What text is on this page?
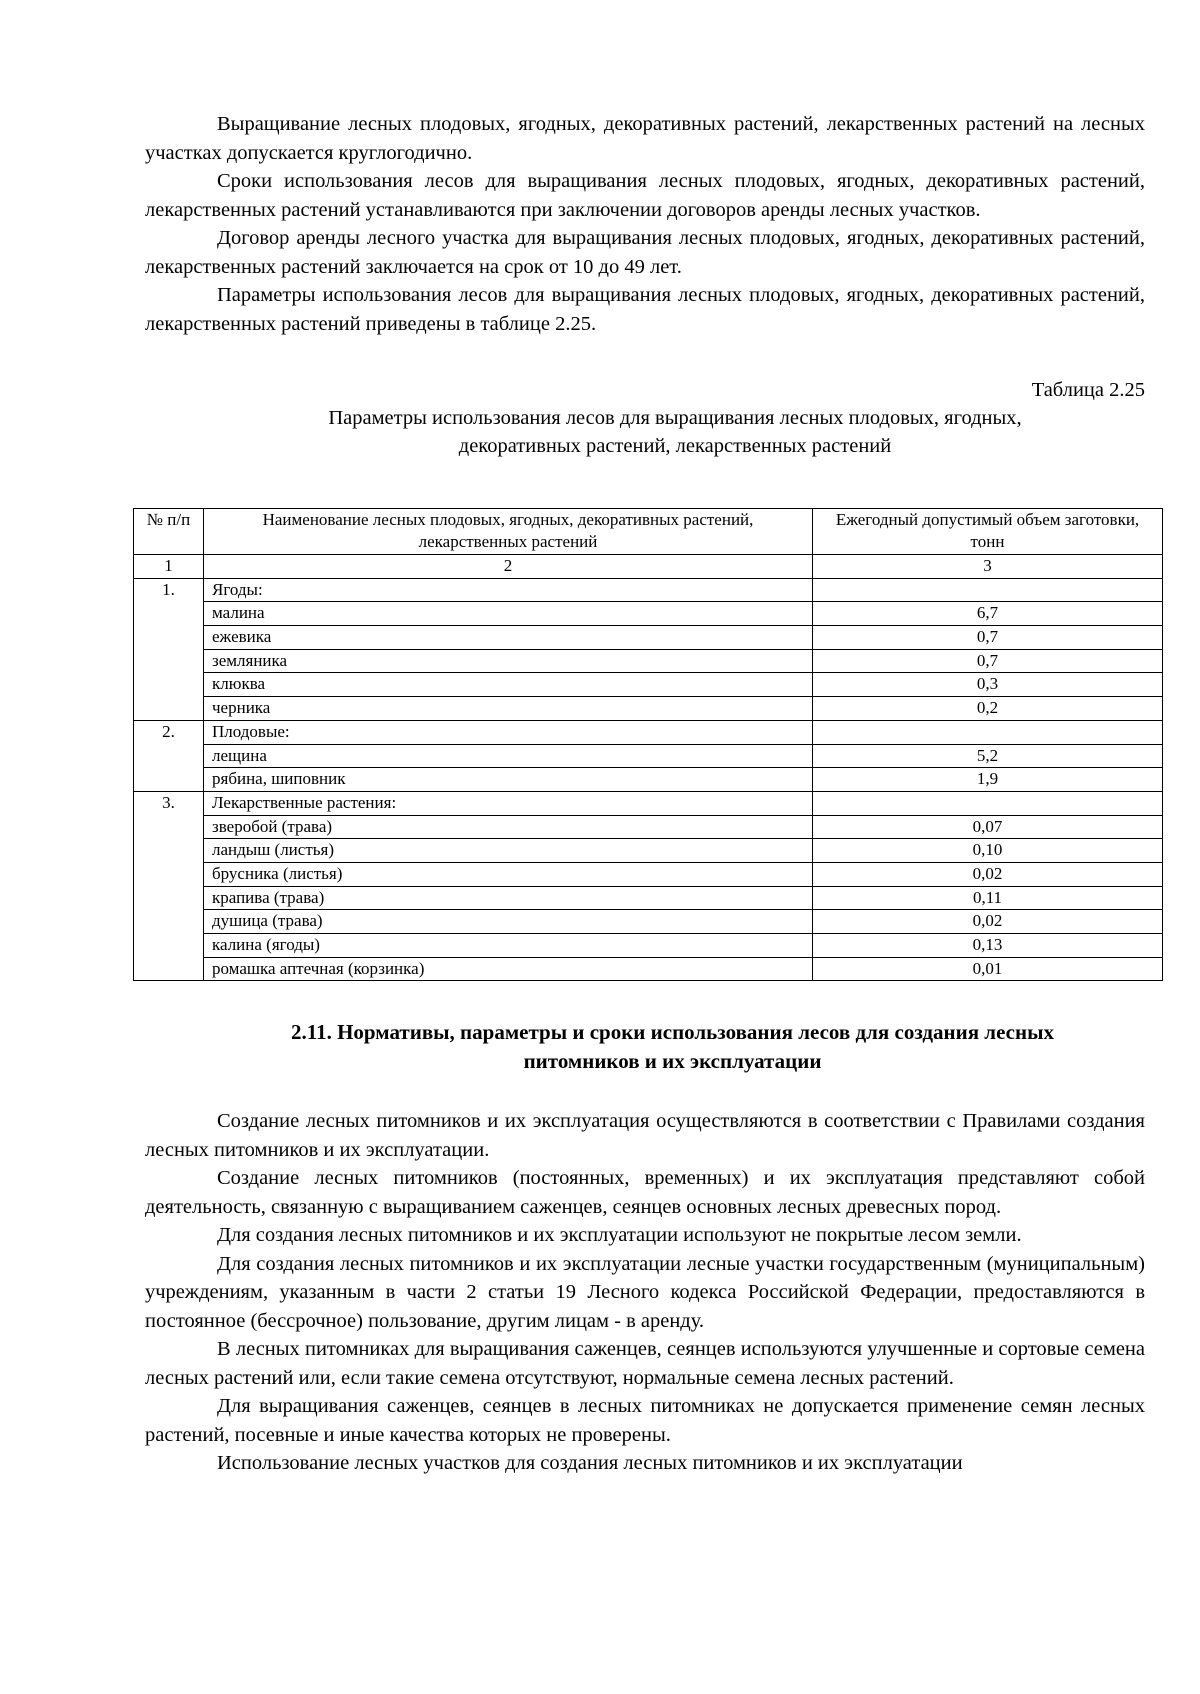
Выращивание лесных плодовых, ягодных, декоративных растений, лекарственных растений на лесных участках допускается круглогодично.

Сроки использования лесов для выращивания лесных плодовых, ягодных, декоративных растений, лекарственных растений устанавливаются при заключении договоров аренды лесных участков.

Договор аренды лесного участка для выращивания лесных плодовых, ягодных, декоративных растений, лекарственных растений заключается на срок от 10 до 49 лет.

Параметры использования лесов для выращивания лесных плодовых, ягодных, декоративных растений, лекарственных растений приведены в таблице 2.25.

Таблица 2.25

Параметры использования лесов для выращивания лесных плодовых, ягодных,

декоративных растений, лекарственных растений

№ п/п	Наименование лесных плодовых, ягодных, декоративных растений, лекарственных растений	Ежегодный допустимый объем заготовки, тонн
1	2	3
1.	Ягоды:	
	малина	6,7
	ежевика	0,7
	земляника	0,7
	клюква	0,3
	черника	0,2
2.	Плодовые:	
	лещина	5,2
	рябина, шиповник	1,9
3.	Лекарственные растения:	
	зверобой (трава)	0,07
	ландыш (листья)	0,10
	брусника (листья)	0,02
	крапива (трава)	0,11
	душица (трава)	0,02
	калина (ягоды)	0,13
	ромашка аптечная (корзинка)	0,01
2.11. Нормативы, параметры и сроки использования лесов для создания лесных
питомников и их эксплуатации

Создание лесных питомников и их эксплуатация осуществляются в соответствии с Правилами создания лесных питомников и их эксплуатации.

Создание лесных питомников (постоянных, временных) и их эксплуатация представляют собой деятельность, связанную с выращиванием саженцев, сеянцев основных лесных древесных пород.

Для создания лесных питомников и их эксплуатации используют не покрытые лесом земли.

Для создания лесных питомников и их эксплуатации лесные участки государственным (муниципальным) учреждениям, указанным в части 2 статьи 19 Лесного кодекса Российской Федерации, предоставляются в постоянное (бессрочное) пользование, другим лицам - в аренду.

В лесных питомниках для выращивания саженцев, сеянцев используются улучшенные и сортовые семена лесных растений или, если такие семена отсутствуют, нормальные семена лесных растений.

Для выращивания саженцев, сеянцев в лесных питомниках не допускается применение семян лесных растений, посевные и иные качества которых не проверены.

Использование лесных участков для создания лесных питомников и их эксплуатации
